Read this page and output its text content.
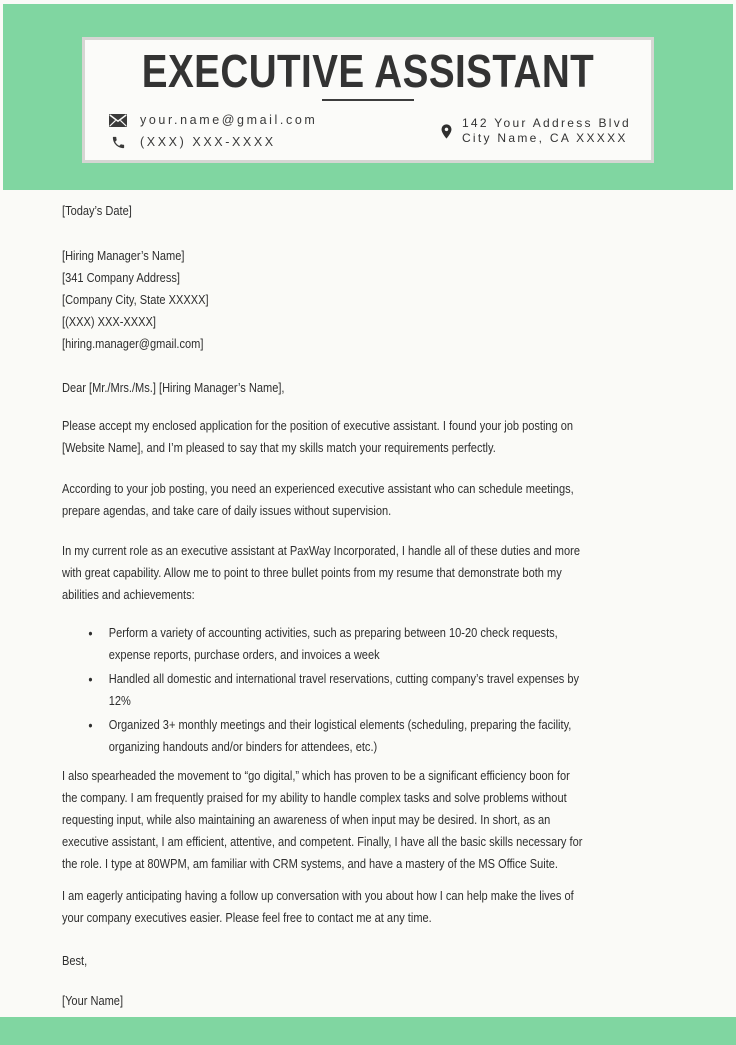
EXECUTIVE ASSISTANT
your.name@gmail.com
(XXX) XXX-XXXX
142 Your Address Blvd
City Name, CA XXXXX
[Today’s Date]
[Hiring Manager’s Name]
[341 Company Address]
[Company City, State XXXXX]
[(XXX) XXX-XXXX]
[hiring.manager@gmail.com]
Dear [Mr./Mrs./Ms.] [Hiring Manager’s Name],
Please accept my enclosed application for the position of executive assistant. I found your job posting on
[Website Name], and I’m pleased to say that my skills match your requirements perfectly.
According to your job posting, you need an experienced executive assistant who can schedule meetings,
prepare agendas, and take care of daily issues without supervision.
In my current role as an executive assistant at PaxWay Incorporated, I handle all of these duties and more
with great capability. Allow me to point to three bullet points from my resume that demonstrate both my
abilities and achievements:
•	Perform a variety of accounting activities, such as preparing between 10-20 check requests,
expense reports, purchase orders, and invoices a week
•	Handled all domestic and international travel reservations, cutting company’s travel expenses by
12%
•	Organized 3+ monthly meetings and their logistical elements (scheduling, preparing the facility,
organizing handouts and/or binders for attendees, etc.)
I also spearheaded the movement to “go digital,” which has proven to be a significant efficiency boon for
the company. I am frequently praised for my ability to handle complex tasks and solve problems without
requesting input, while also maintaining an awareness of when input may be desired. In short, as an
executive assistant, I am efficient, attentive, and competent. Finally, I have all the basic skills necessary for
the role. I type at 80WPM, am familiar with CRM systems, and have a mastery of the MS Office Suite.
I am eagerly anticipating having a follow up conversation with you about how I can help make the lives of
your company executives easier. Please feel free to contact me at any time.
Best,
[Your Name]
